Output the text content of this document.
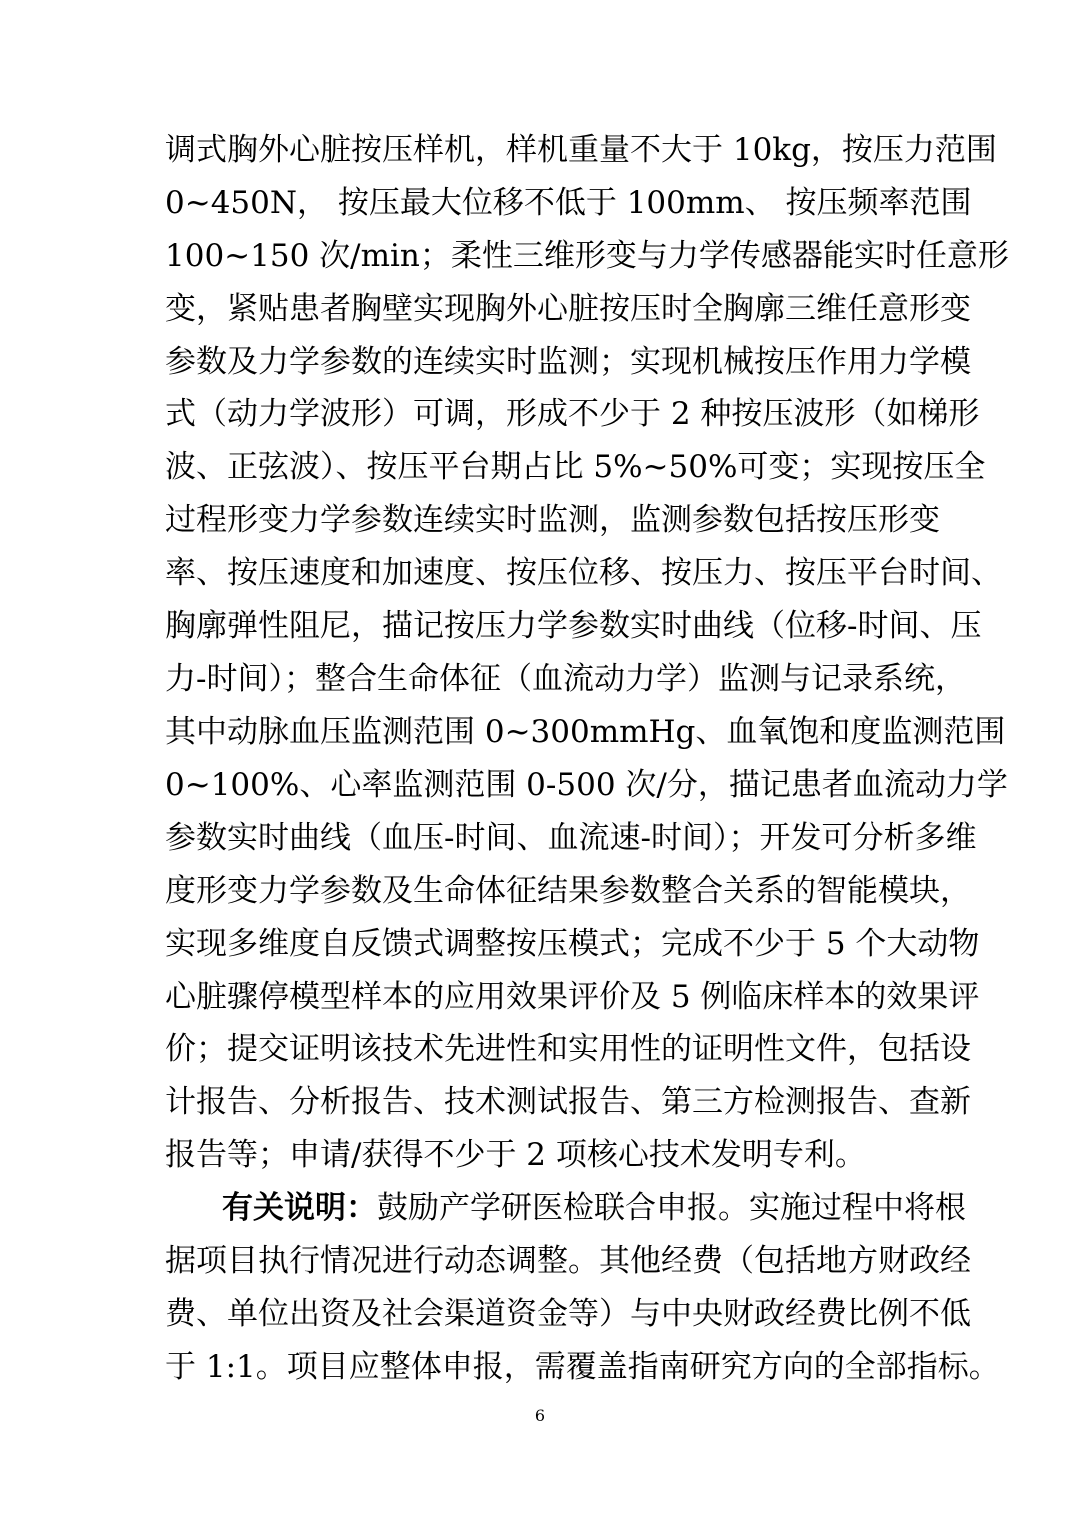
调式胸外心脏按压样机，样机重量不大于 10kg，按压力范围
0~450N， 按压最大位移不低于 100mm、 按压频率范围
100~150 次/min；柔性三维形变与力学传感器能实时任意形
变，紧贴患者胸壁实现胸外心脏按压时全胸廓三维任意形变
参数及力学参数的连续实时监测；实现机械按压作用力学模
式（动力学波形）可调，形成不少于 2 种按压波形（如梯形
波、正弦波）、按压平台期占比 5%~50%可变；实现按压全
过程形变力学参数连续实时监测，监测参数包括按压形变
率、按压速度和加速度、按压位移、按压力、按压平台时间、
胸廓弹性阻尼，描记按压力学参数实时曲线（位移-时间、压
力-时间）；整合生命体征（血流动力学）监测与记录系统，
其中动脉血压监测范围 0~300mmHg、血氧饱和度监测范围
0~100%、心率监测范围 0-500 次/分，描记患者血流动力学
参数实时曲线（血压-时间、血流速-时间）；开发可分析多维
度形变力学参数及生命体征结果参数整合关系的智能模块，
实现多维度自反馈式调整按压模式；完成不少于 5 个大动物
心脏骤停模型样本的应用效果评价及 5 例临床样本的效果评
价；提交证明该技术先进性和实用性的证明性文件，包括设
计报告、分析报告、技术测试报告、第三方检测报告、查新
报告等；申请/获得不少于 2 项核心技术发明专利。
有关说明：鼓励产学研医检联合申报。实施过程中将根
据项目执行情况进行动态调整。其他经费（包括地方财政经
费、单位出资及社会渠道资金等）与中央财政经费比例不低
于 1:1。项目应整体申报，需覆盖指南研究方向的全部指标。
6
